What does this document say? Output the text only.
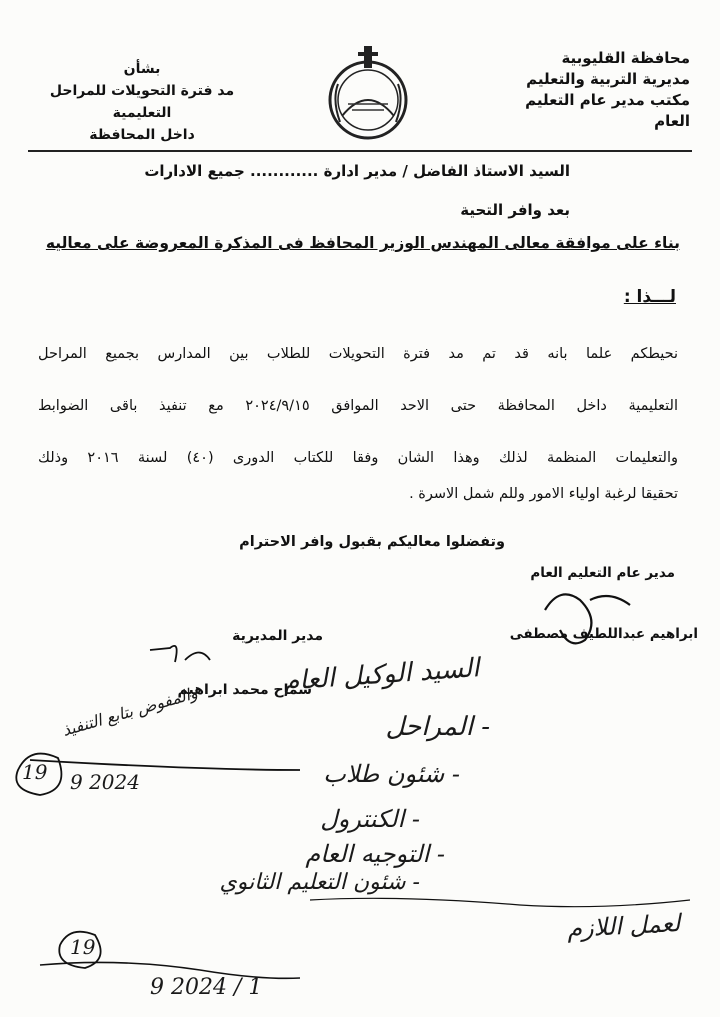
محافظة القليوبية
مديرية التربية والتعليم
مكتب مدير عام التعليم العام
بشأن
مد فترة التحويلات للمراحل التعليمية
داخل المحافظة
السيد الاستاذ الفاضل / مدير ادارة ............ جميع الادارات
بعد وافر التحية
بناء على موافقة معالى المهندس الوزير المحافظ فى المذكرة المعروضة على معاليه
لـــذا :
نحيطكم علما بانه قد تم مد فترة التحويلات للطلاب بين المدارس بجميع المراحل
التعليمية داخل المحافظة حتى الاحد الموافق ٢٠٢٤/٩/١٥ مع تنفيذ باقى الضوابط
والتعليمات المنظمة لذلك وهذا الشان وفقا للكتاب الدورى (٤٠) لسنة ٢٠١٦ وذلك
تحقيقا لرغبة اولياء الامور وللم شمل الاسرة .
وتفضلوا معاليكم بقبول وافر الاحترام
مدير عام التعليم العام
ابراهيم عبداللطيف مصطفى
مدير المديرية
سماح محمد ابراهيم
السيد الوكيل العام
والمفوض بتابع التنفيذ	- المراحل
- شئون طلاب
- الكنترول
- التوجيه العام
- شئون التعليم الثانوي
لعمل اللازم
19 9 2024
19
9 2024 / 1
